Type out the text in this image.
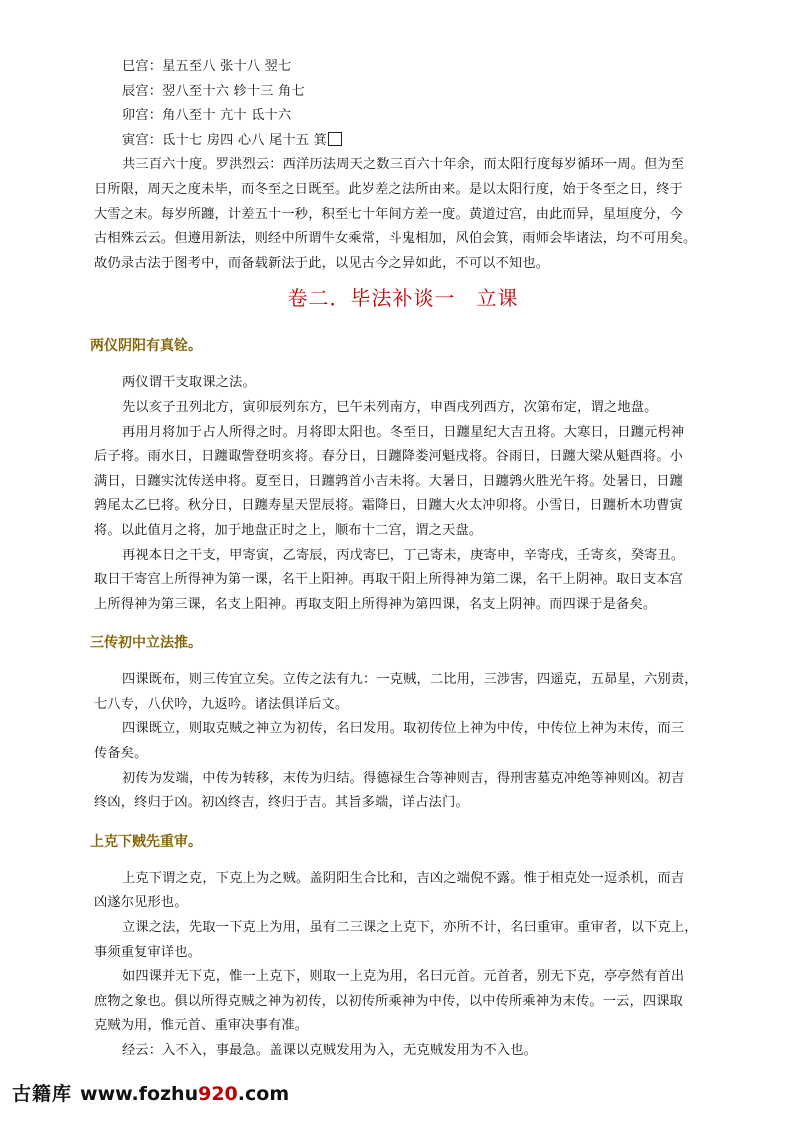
巳宫：星五至八 张十八 翌七
辰宫：翌八至十六 轸十三 角七
卯宫：角八至十 亢十 氐十六
寅宫：氐十七 房四 心八 尾十五 箕
共三百六十度。罗洪烈云：西洋历法周天之数三百六十年余，而太阳行度每岁循环一周。但为至
日所限，周天之度未毕，而冬至之日既至。此岁差之法所由来。是以太阳行度，始于冬至之日，终于
大雪之末。每岁所躔，计差五十一秒，积至七十年间方差一度。黄道过宫，由此而异，星垣度分，今
古相殊云云。但遵用新法，则经中所谓牛女乘常，斗鬼相加，风伯会箕，雨师会毕诸法，均不可用矣。
故仍录古法于图考中，而备载新法于此，以见古今之异如此，不可以不知也。
卷二．毕法补谈一　立课
两仪阴阳有真铨。
两仪谓干支取课之法。
先以亥子丑列北方，寅卯辰列东方，巳午未列南方，申酉戌列西方，次第布定，谓之地盘。
再用月将加于占人所得之时。月将即太阳也。冬至日，日躔星纪大吉丑将。大寒日，日躔元枵神
后子将。雨水日，日躔诹訾登明亥将。春分日，日躔降娄河魁戌将。谷雨日，日躔大梁从魁酉将。小
满日，日躔实沈传送申将。夏至日，日躔鹑首小吉未将。大暑日，日躔鹑火胜光午将。处暑日，日躔
鹑尾太乙巳将。秋分日，日躔寿星天罡辰将。霜降日，日躔大火太冲卯将。小雪日，日躔析木功曹寅
将。以此值月之将，加于地盘正时之上，顺布十二宫，谓之天盘。
再视本日之干支，甲寄寅，乙寄辰，丙戊寄巳，丁己寄未，庚寄申，辛寄戌，壬寄亥，癸寄丑。
取日干寄宫上所得神为第一课，名干上阳神。再取干阳上所得神为第二课，名干上阴神。取日支本宫
上所得神为第三课，名支上阳神。再取支阳上所得神为第四课，名支上阴神。而四课于是备矣。
三传初中立法推。
四课既布，则三传宜立矣。立传之法有九：一克贼，二比用，三涉害，四遥克，五昴星，六别责，
七八专，八伏吟，九返吟。诸法俱详后文。
四课既立，则取克贼之神立为初传，名曰发用。取初传位上神为中传，中传位上神为末传，而三
传备矣。
初传为发端，中传为转移，末传为归结。得德禄生合等神则吉，得刑害墓克冲绝等神则凶。初吉
终凶，终归于凶。初凶终吉，终归于吉。其旨多端，详占法门。
上克下贼先重审。
上克下谓之克，下克上为之贼。盖阴阳生合比和，吉凶之端倪不露。惟于相克处一逗杀机，而吉
凶遂尔见形也。
立课之法，先取一下克上为用，虽有二三课之上克下，亦所不计，名曰重审。重审者，以下克上，
事须重复审详也。
如四课并无下克，惟一上克下，则取一上克为用，名曰元首。元首者，别无下克，亭亭然有首出
庶物之象也。俱以所得克贼之神为初传，以初传所乘神为中传，以中传所乘神为末传。一云，四课取
克贼为用，惟元首、重审决事有准。
经云：入不入，事最急。盖课以克贼发用为入，无克贼发用为不入也。
古籍库 www.fozhu920.com
